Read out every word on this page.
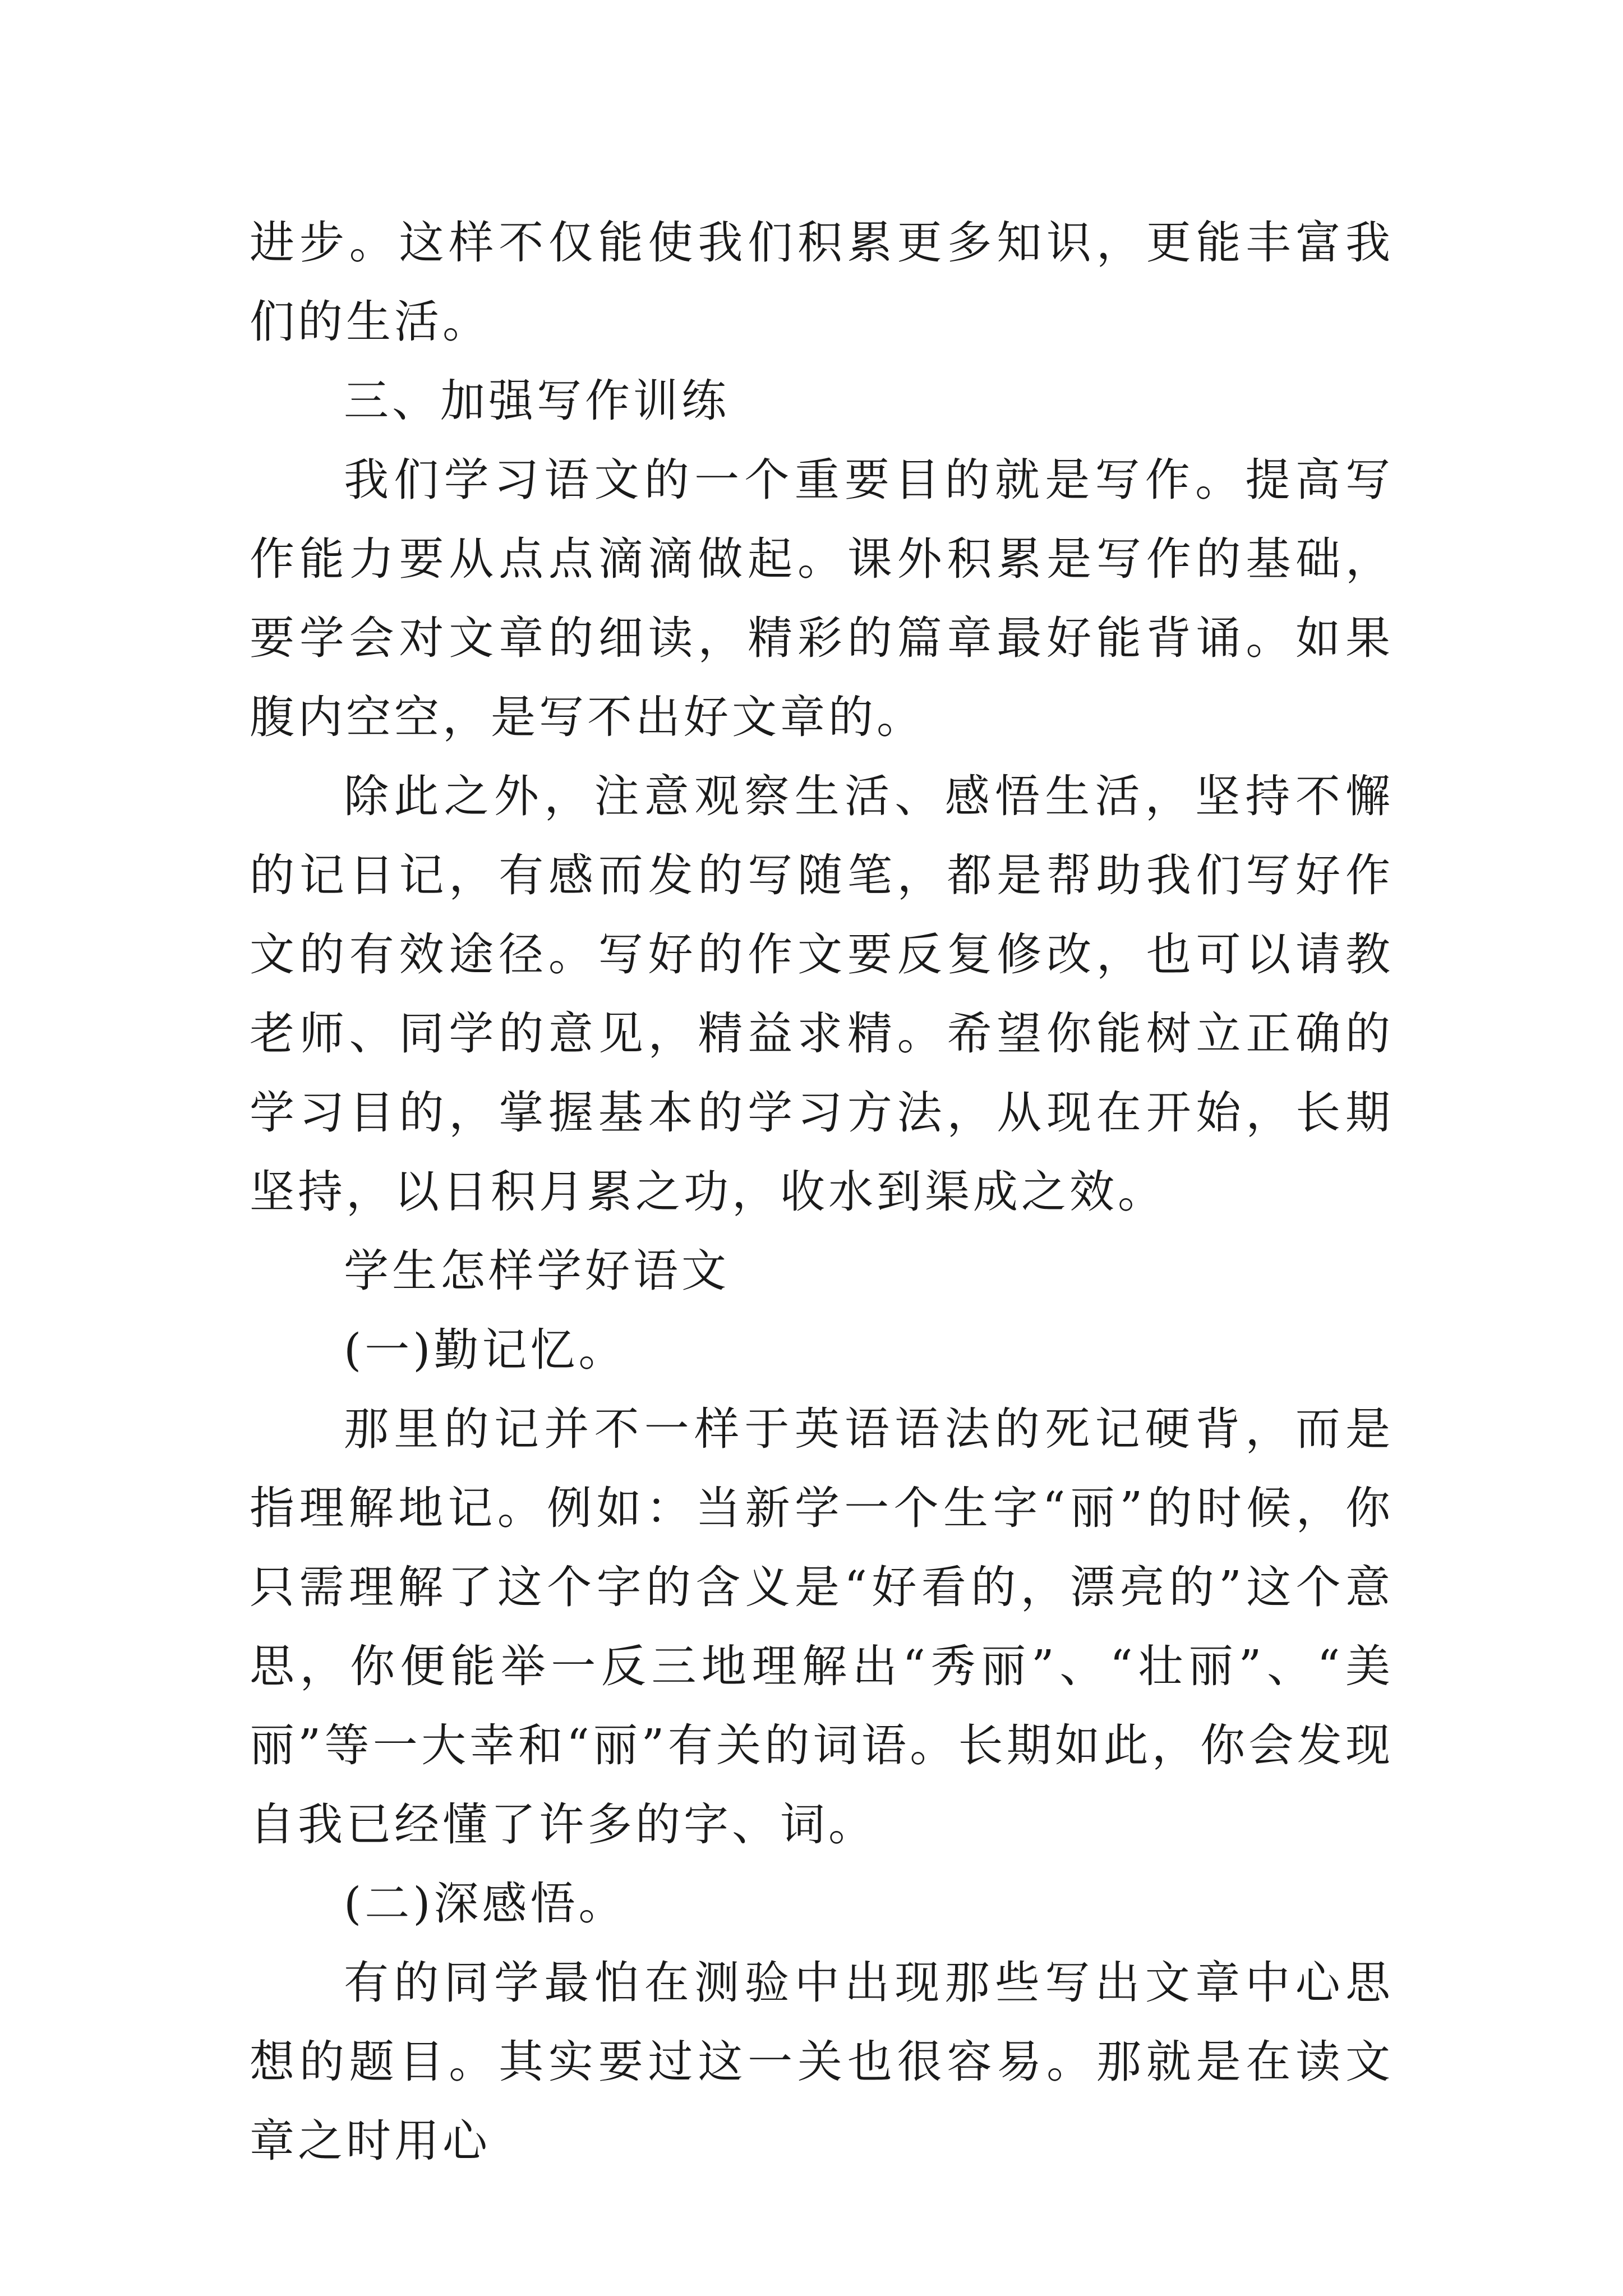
进步。这样不仅能使我们积累更多知识，更能丰富我们的生活。

三、加强写作训练

我们学习语文的一个重要目的就是写作。提高写作能力要从点点滴滴做起。课外积累是写作的基础，要学会对文章的细读，精彩的篇章最好能背诵。如果腹内空空，是写不出好文章的。

除此之外，注意观察生活、感悟生活，坚持不懈的记日记，有感而发的写随笔，都是帮助我们写好作文的有效途径。写好的作文要反复修改，也可以请教老师、同学的意见，精益求精。希望你能树立正确的学习目的，掌握基本的学习方法，从现在开始，长期坚持，以日积月累之功，收水到渠成之效。

学生怎样学好语文

(一)勤记忆。

那里的记并不一样于英语语法的死记硬背，而是指理解地记。例如：当新学一个生字“丽”的时候，你只需理解了这个字的含义是“好看的，漂亮的”这个意思，你便能举一反三地理解出“秀丽”、“壮丽”、“美丽”等一大幸和“丽”有关的词语。长期如此，你会发现自我已经懂了许多的字、词。

(二)深感悟。

有的同学最怕在测验中出现那些写出文章中心思想的题目。其实要过这一关也很容易。那就是在读文章之时用心
